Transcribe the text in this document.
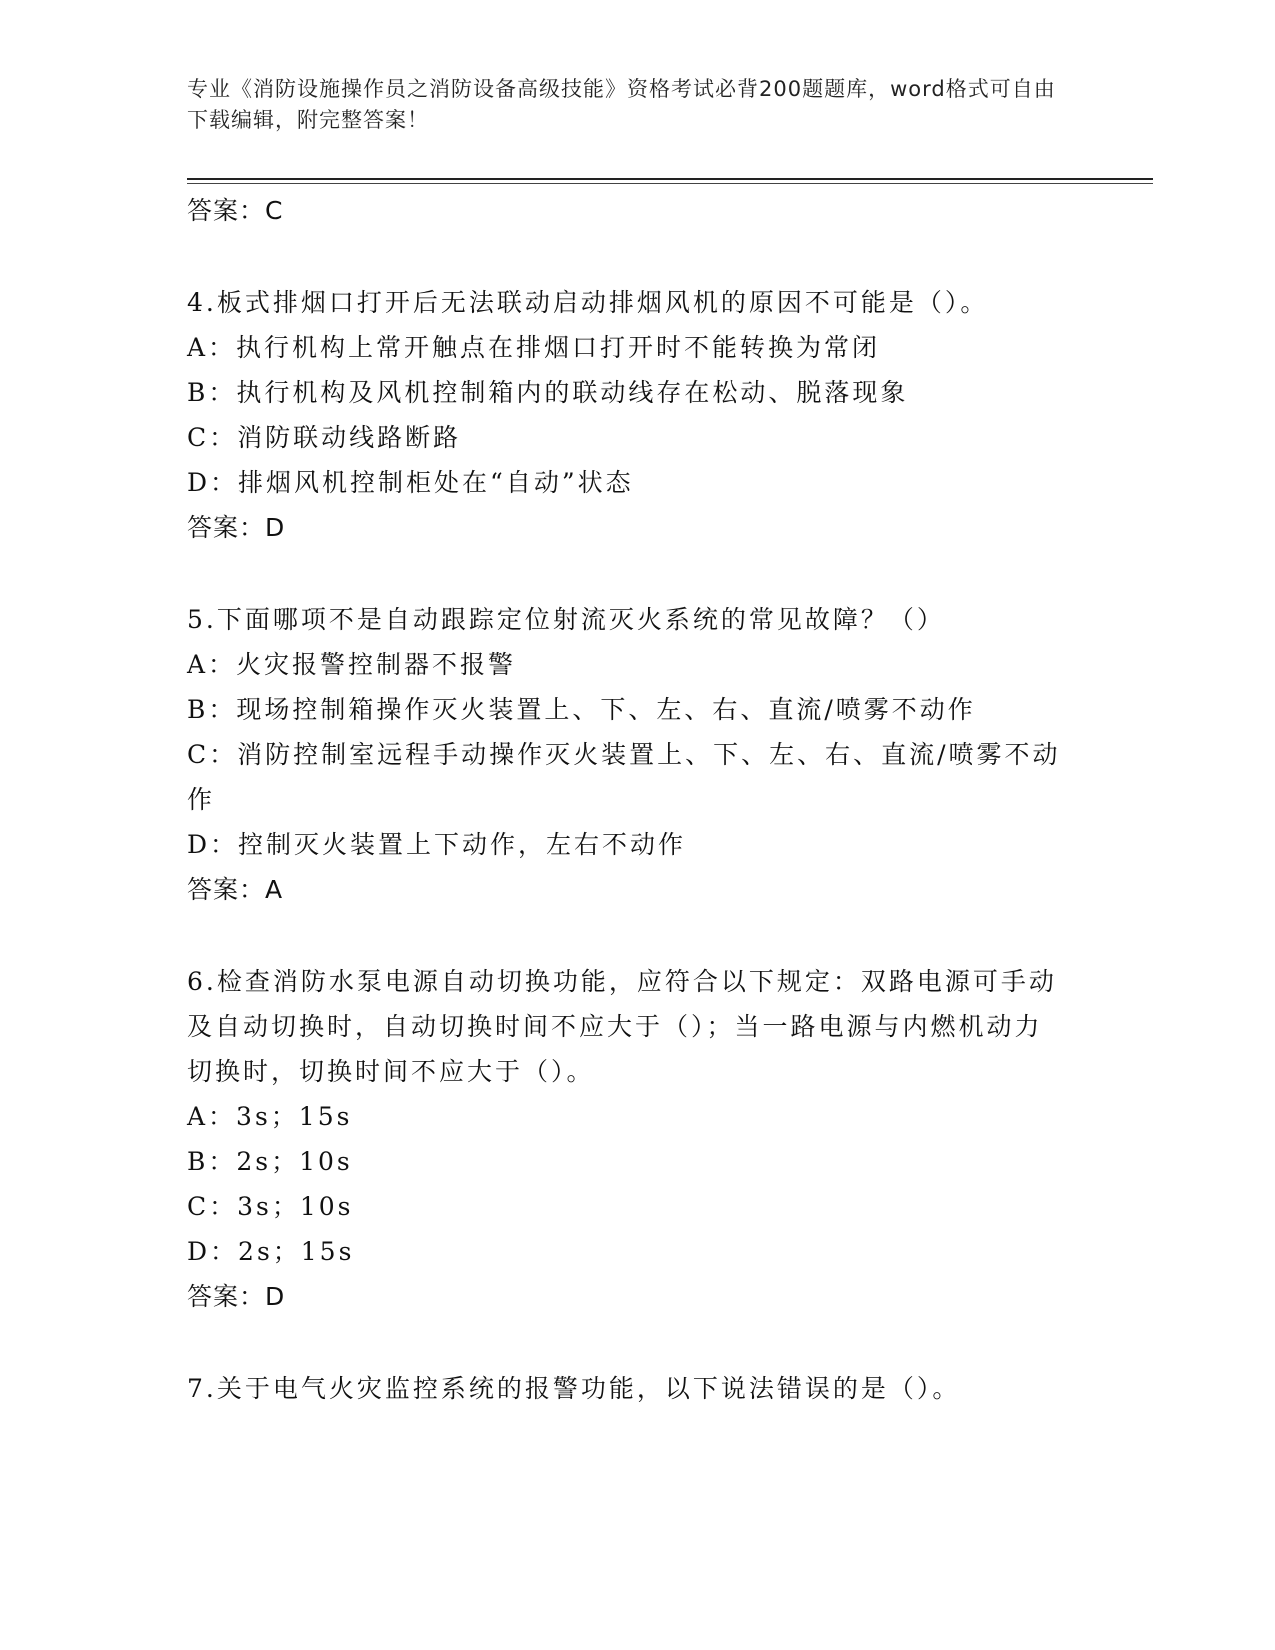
专业《消防设施操作员之消防设备高级技能》资格考试必背200题题库，word格式可自由下载编辑，附完整答案！
答案：C
4.板式排烟口打开后无法联动启动排烟风机的原因不可能是（）。
A：执行机构上常开触点在排烟口打开时不能转换为常闭
B：执行机构及风机控制箱内的联动线存在松动、脱落现象
C：消防联动线路断路
D：排烟风机控制柜处在“自动”状态
答案：D
5.下面哪项不是自动跟踪定位射流灭火系统的常见故障？（）
A：火灾报警控制器不报警
B：现场控制箱操作灭火装置上、下、左、右、直流/喷雾不动作
C：消防控制室远程手动操作灭火装置上、下、左、右、直流/喷雾不动作
D：控制灭火装置上下动作，左右不动作
答案：A
6.检查消防水泵电源自动切换功能，应符合以下规定：双路电源可手动及自动切换时，自动切换时间不应大于（）；当一路电源与内燃机动力切换时，切换时间不应大于（）。
A：3s；15s
B：2s；10s
C：3s；10s
D：2s；15s
答案：D
7.关于电气火灾监控系统的报警功能，以下说法错误的是（）。
